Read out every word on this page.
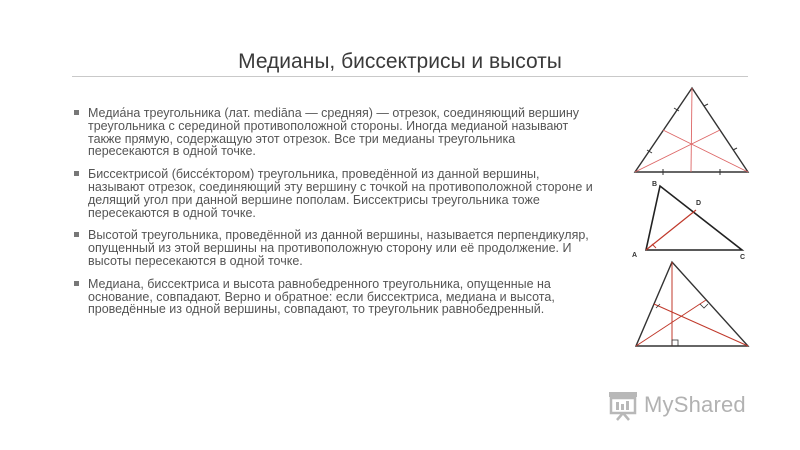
Медианы, биссектрисы и высоты
Медиа́на треугольника (лат. mediāna — средняя) — отрезок, соединяющий вершину треугольника с серединой противоположной стороны. Иногда медианой называют также прямую, содержащую этот отрезок. Все три медианы треугольника пересекаются в одной точке.
Биссектрисой (биссе́ктором) треугольника, проведённой из данной вершины, называют отрезок, соединяющий эту вершину с точкой на противоположной стороне и делящий угол при данной вершине пополам. Биссектрисы треугольника тоже пересекаются в одной точке.
Высотой треугольника, проведённой из данной вершины, называется перпендикуляр, опущенный из этой вершины на противоположную сторону или её продолжение. И высоты пересекаются в одной точке.
Медиана, биссектриса и высота равнобедренного треугольника, опущенные на основание, совпадают. Верно и обратное: если биссектриса, медиана и высота, проведённые из одной вершины, совпадают, то треугольник равнобедренный.
B
D
A	C
MyShared
